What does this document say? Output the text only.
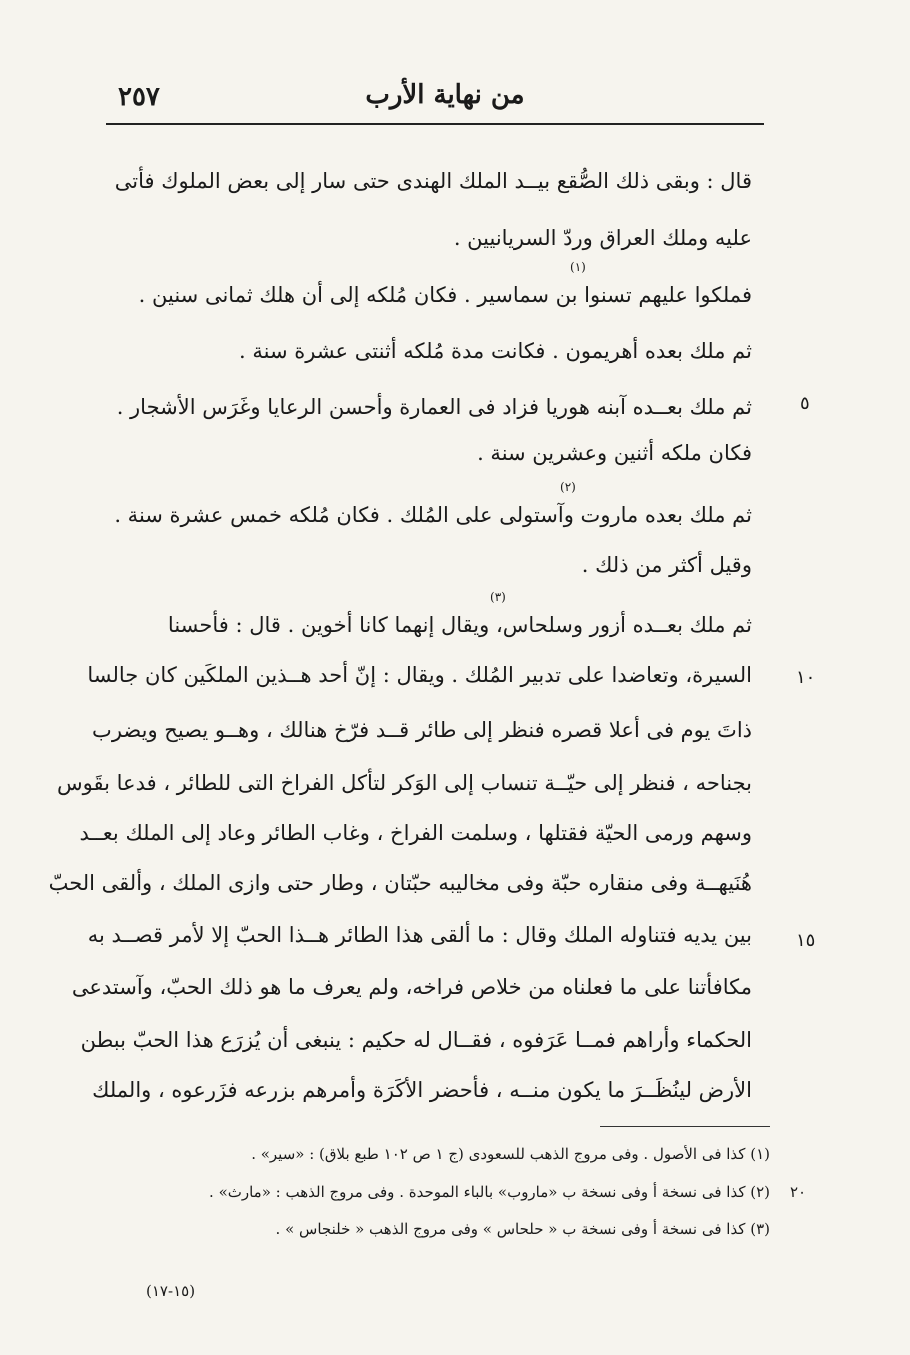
من نهاية الأرب
٢٥٧
قال : وبقى ذلك الصُّقع بيــد الملك الهندى حتى سار إلى بعض الملوك فأتى
عليه وملك العراق وردّ السريانيين .
(١)
فملكوا عليهم تسنوا بن سماسير . فكان مُلكه إلى أن هلك ثمانى سنين .
ثم ملك بعده أهريمون . فكانت مدة مُلكه أثنتى عشرة سنة .
٥
ثم ملك بعــده آبنه هوريا فزاد فى العمارة وأحسن الرعايا وغَرَس الأشجار .
فكان ملكه أثنين وعشرين سنة .
(٢)
ثم ملك بعده ماروت وآستولى على المُلك . فكان مُلكه خمس عشرة سنة .
وقيل أكثر من ذلك .
(٣)
ثم ملك بعــده أزور وسلحاس، ويقال إنهما كانا أخوين . قال : فأحسنا
١٠
السيرة، وتعاضدا على تدبير المُلك . ويقال : إنّ أحد هــذين الملكَين كان جالسا
ذاتَ يوم فى أعلا قصره فنظر إلى طائر قــد فرّخ هنالك ، وهــو يصيح ويضرب
بجناحه ، فنظر إلى حيّــة تنساب إلى الوَكر لتأكل الفراخ التى للطائر ، فدعا بقَوس
وسهم ورمى الحيّة فقتلها ، وسلمت الفراخ ، وغاب الطائر وعاد إلى الملك بعــد
هُنَيهــة وفى منقاره حبّة وفى مخاليبه حبّتان ، وطار حتى وازى الملك ، وألقى الحبّ
١٥
بين يديه فتناوله الملك وقال : ما ألقى هذا الطائر هــذا الحبّ إلا لأمر قصــد به
مكافأتنا على ما فعلناه من خلاص فراخه، ولم يعرف ما هو ذلك الحبّ، وآستدعى
الحكماء وأراهم فمــا عَرَفوه ، فقــال له حكيم : ينبغى أن يُزرَع هذا الحبّ ببطن
الأرض لينُظَــرَ ما يكون منــه ، فأحضر الأكَرَة وأمرهم بزرعه فزَرعوه ، والملك
(١) كذا فى الأصول . وفى مروج الذهب للسعودى (ج ١ ص ١٠٢ طبع بلاق) : «سير» .
٢٠
(٢) كذا فى نسخة أ وفى نسخة ب «ماروب» بالباء الموحدة . وفى مروج الذهب : «مارث» .
(٣) كذا فى نسخة أ وفى نسخة ب « حلحاس » وفى مروج الذهب « خلنجاس » .
(١٥-١٧)
